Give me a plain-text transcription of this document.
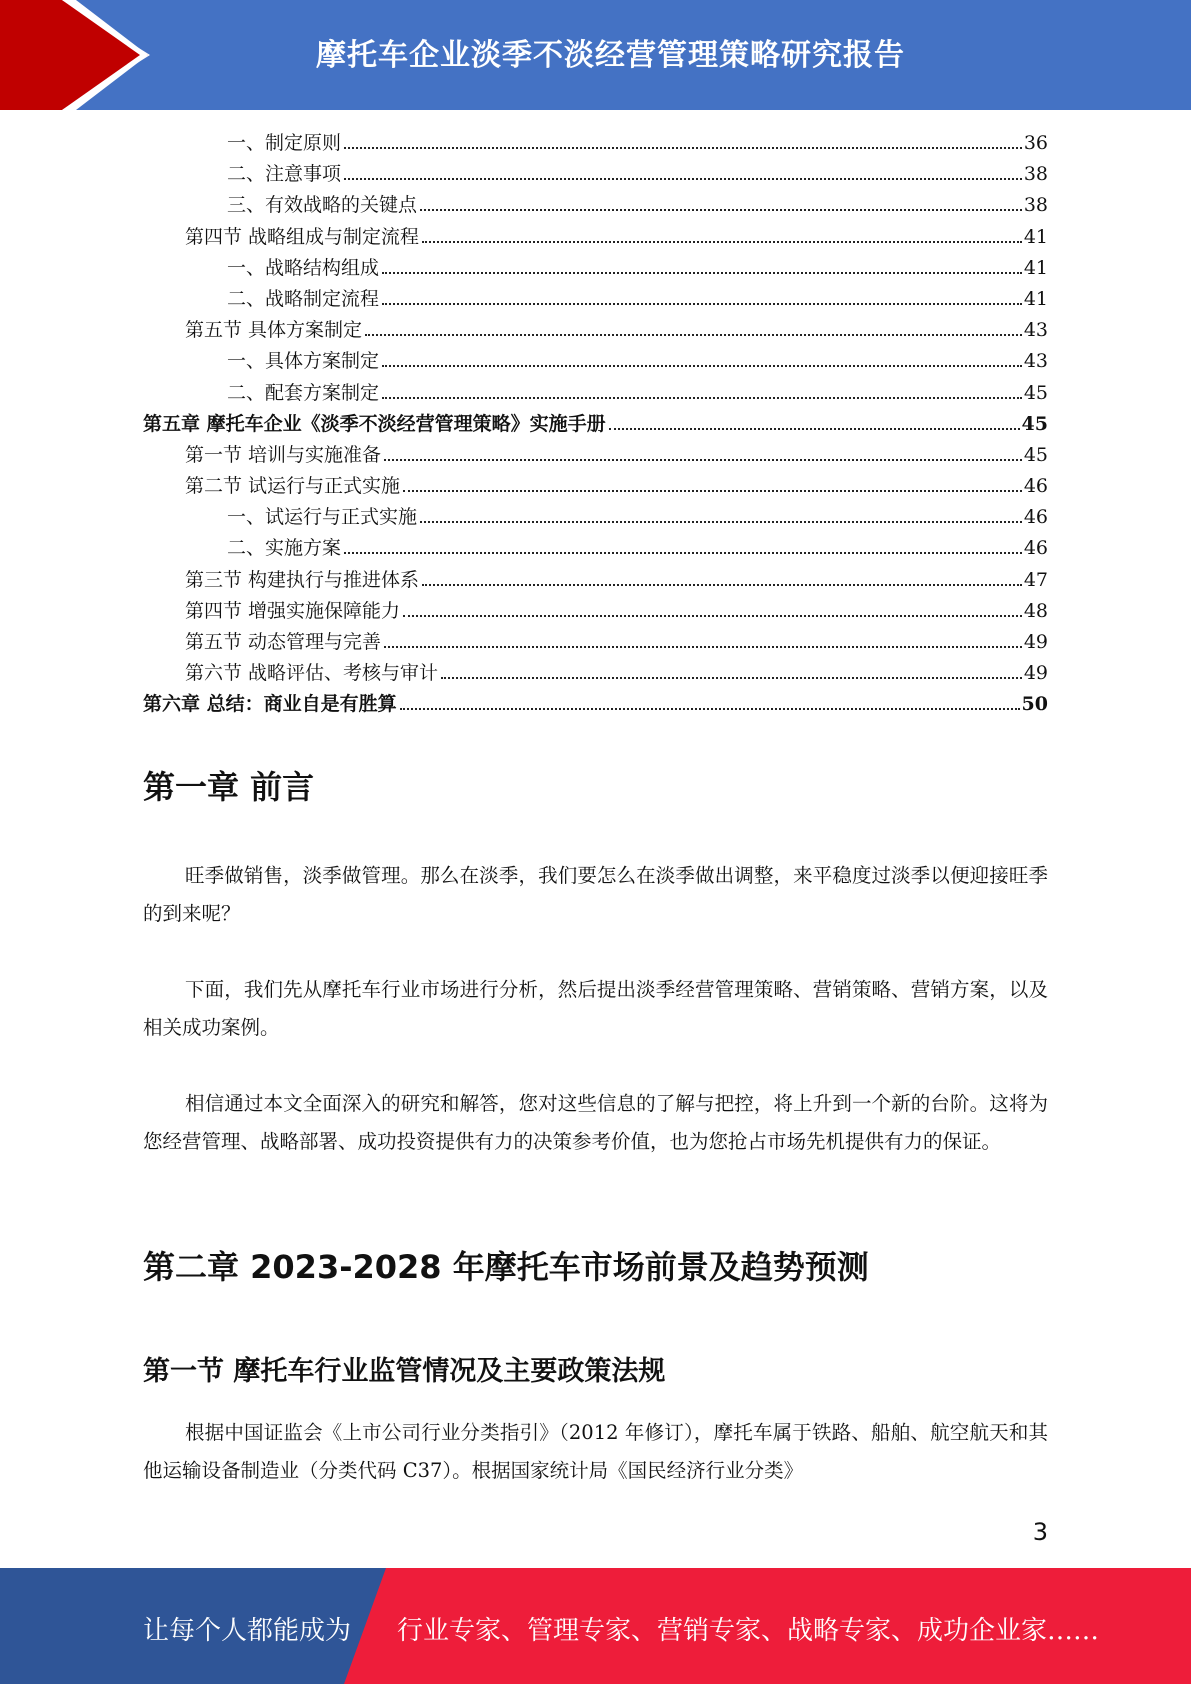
摩托车企业淡季不淡经营管理策略研究报告
一、制定原则	36
二、注意事项	38
三、有效战略的关键点	38
第四节 战略组成与制定流程	41
一、战略结构组成	41
二、战略制定流程	41
第五节 具体方案制定	43
一、具体方案制定	43
二、配套方案制定	45
第五章 摩托车企业《淡季不淡经营管理策略》实施手册	45
第一节 培训与实施准备	45
第二节 试运行与正式实施	46
一、试运行与正式实施	46
二、实施方案	46
第三节 构建执行与推进体系	47
第四节 增强实施保障能力	48
第五节 动态管理与完善	49
第六节 战略评估、考核与审计	49
第六章 总结：商业自是有胜算	50
第一章 前言

旺季做销售，淡季做管理。那么在淡季，我们要怎么在淡季做出调整，来平稳度过淡季以便迎接旺季的到来呢？

下面，我们先从摩托车行业市场进行分析，然后提出淡季经营管理策略、营销策略、营销方案，以及相关成功案例。

相信通过本文全面深入的研究和解答，您对这些信息的了解与把控，将上升到一个新的台阶。这将为您经营管理、战略部署、成功投资提供有力的决策参考价值，也为您抢占市场先机提供有力的保证。

第二章 2023-2028 年摩托车市场前景及趋势预测
第一节 摩托车行业监管情况及主要政策法规

根据中国证监会《上市公司行业分类指引》（2012 年修订），摩托车属于铁路、船舶、航空航天和其他运输设备制造业（分类代码 C37）。根据国家统计局《国民经济行业分类》

3
让每个人都能成为 行业专家、管理专家、营销专家、战略专家、成功企业家……
